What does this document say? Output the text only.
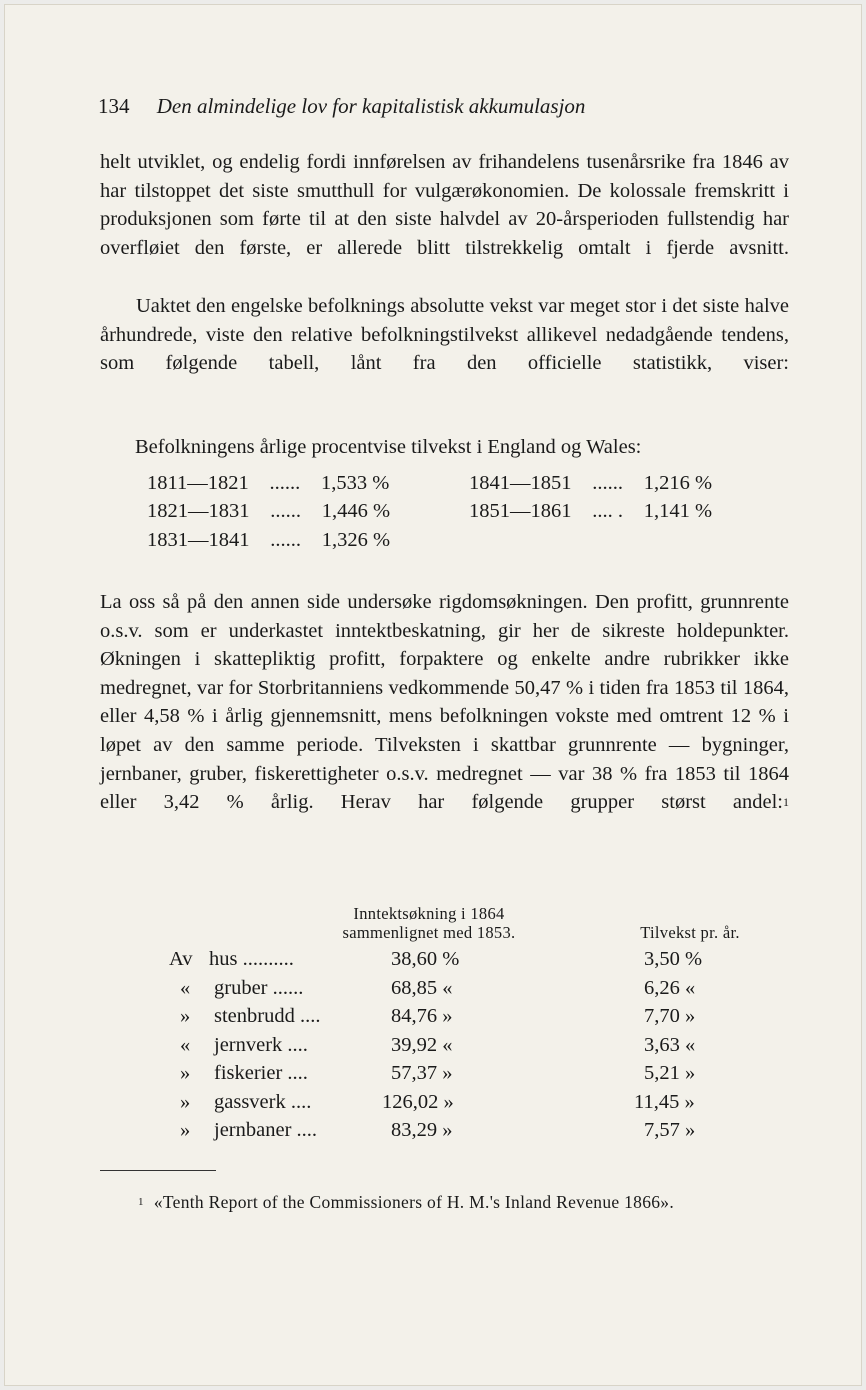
134 Den almindelige lov for kapitalistisk akkumulasjon
helt utviklet, og endelig fordi innførelsen av frihandelens tusenårsrike fra 1846 av har tilstoppet det siste smutthull for vulgærøkonomien. De kolossale fremskritt i produksjonen som førte til at den siste halvdel av 20-årsperioden fullstendig har overfløiet den første, er allerede blitt tilstrekkelig omtalt i fjerde avsnitt.
Uaktet den engelske befolknings absolutte vekst var meget stor i det siste halve århundrede, viste den relative befolkningstilvekst allikevel nedadgående tendens, som følgende tabell, lånt fra den officielle statistikk, viser:
Befolkningens årlige procentvise tilvekst i England og Wales:
1811—1821 ...... 1,533 %
1821—1831 ...... 1,446 %
1831—1841 ...... 1,326 %
1841—1851 ...... 1,216 %
1851—1861 .... . 1,141 %
La oss så på den annen side undersøke rigdomsøkningen. Den profitt, grunnrente o.s.v. som er underkastet inntektbeskatning, gir her de sikreste holdepunkter. Økningen i skattepliktig profitt, forpaktere og enkelte andre rubrikker ikke medregnet, var for Storbritanniens vedkommende 50,47 % i tiden fra 1853 til 1864, eller 4,58 % i årlig gjennemsnitt, mens befolkningen vokste med omtrent 12 % i løpet av den samme periode. Tilveksten i skattbar grunnrente — bygninger, jernbaner, gruber, fiskerettigheter o.s.v. medregnet — var 38 % fra 1853 til 1864 eller 3,42 % årlig. Herav har følgende grupper størst andel:$^1$
Inntektsøkning i 1864
sammenlignet med 1853.	Tilvekst pr. år.
Av hus ..........	38,60 %	3,50 %
« gruber ......	68,85 «	6,26 «
» stenbrudd ....	84,76 »	7,70 »
« jernverk ....	39,92 «	3,63 «
» fiskerier ....	57,37 »	5,21 »
» gassverk ....	126,02 »	11,45 »
» jernbaner ....	83,29 »	7,57 »
$^1$ «Tenth Report of the Commissioners of H. M.'s Inland Revenue 1866».
